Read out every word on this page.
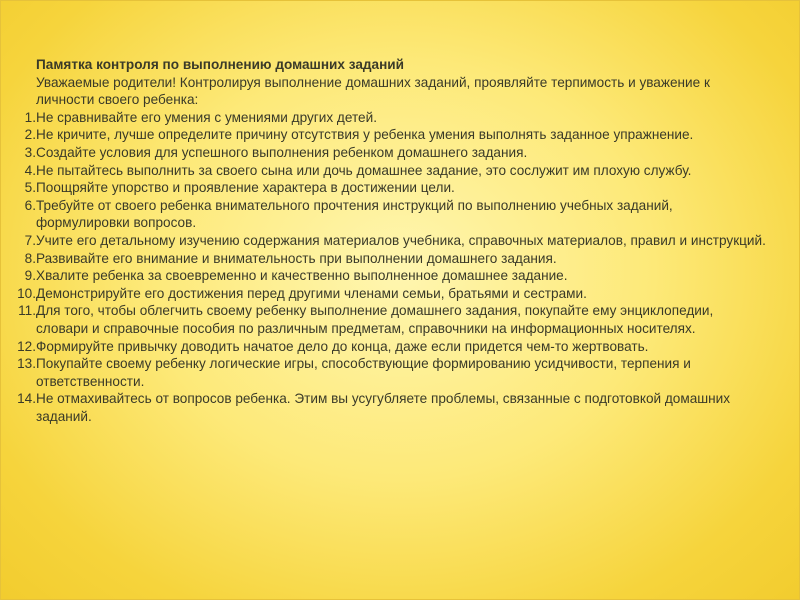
Памятка контроля по выполнению домашних заданий

Уважаемые родители! Контролируя выполнение домашних заданий, проявляйте терпимость и уважение к личности своего ребенка:

1. Не сравнивайте его умения с умениями других детей.
2. Не кричите, лучше определите причину отсутствия у ребенка умения выполнять заданное упражнение.
3. Создайте условия для успешного выполнения ребенком домашнего задания.
4. Не пытайтесь выполнить за своего сына или дочь домашнее задание, это сослужит им плохую службу.
5. Поощряйте упорство и проявление характера в достижении цели.
6. Требуйте от своего ребенка внимательного прочтения инструкций по выполнению учебных заданий, формулировки вопросов.
7. Учите его детальному изучению содержания материалов учебника, справочных материалов, правил и инструкций.
8. Развивайте его внимание и внимательность при выполнении домашнего задания.
9. Хвалите ребенка за своевременно и качественно выполненное домашнее задание.
10. Демонстрируйте его достижения перед другими членами семьи, братьями и сестрами.
11. Для того, чтобы облегчить своему ребенку выполнение домашнего задания, покупайте ему энциклопедии, словари и справочные пособия по различным предметам, справочники на информационных носителях.
12. Формируйте привычку доводить начатое дело до конца, даже если придется чем-то жертвовать.
13. Покупайте своему ребенку логические игры, способствующие формированию усидчивости, терпения и ответственности.
14. Не отмахивайтесь от вопросов ребенка. Этим вы усугубляете проблемы, связанные с подготовкой домашних заданий.
